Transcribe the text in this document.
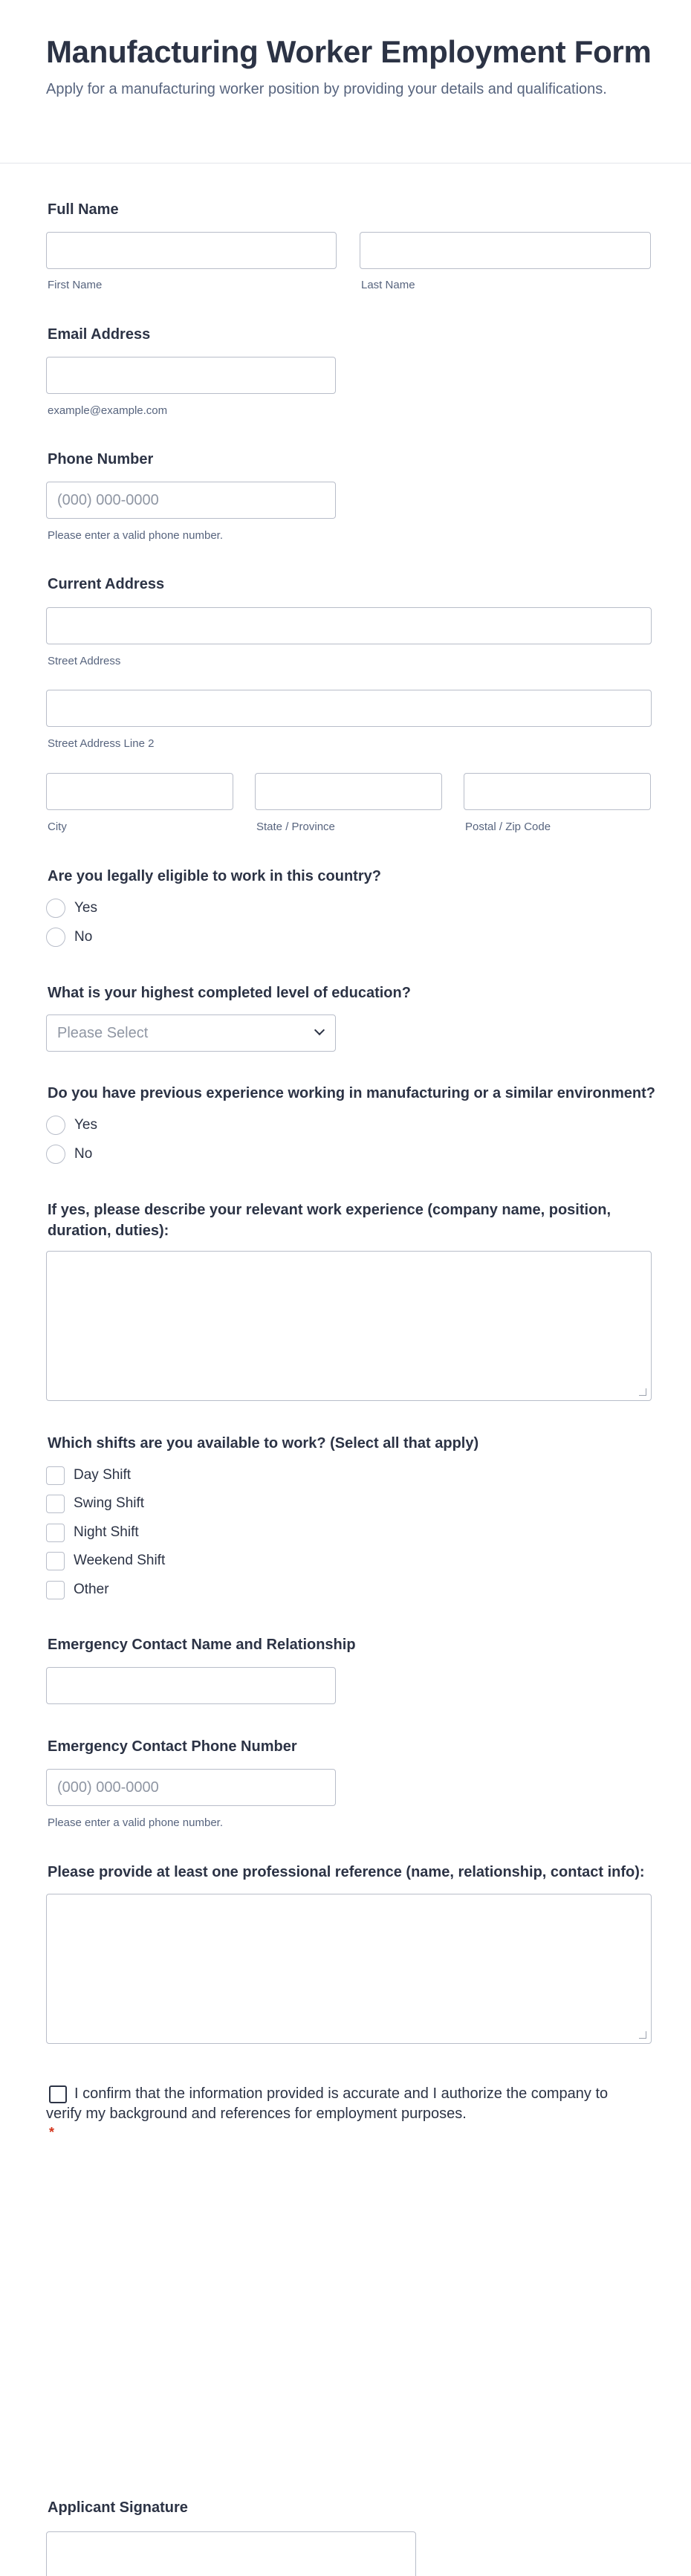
Manufacturing Worker Employment Form

Apply for a manufacturing worker position by providing your details and qualifications.

Full Name
First Name	Last Name
Email Address
example@example.com
Phone Number
(000) 000-0000
Please enter a valid phone number.
Current Address
Street Address
Street Address Line 2
City	State / Province	Postal / Zip Code
Are you legally eligible to work in this country?
Yes
No
What is your highest completed level of education?
Please Select
Do you have previous experience working in manufacturing or a similar environment?
Yes
No
If yes, please describe your relevant work experience (company name, position, duration, duties):
Which shifts are you available to work? (Select all that apply)
Day Shift
Swing Shift
Night Shift
Weekend Shift
Other
Emergency Contact Name and Relationship
Emergency Contact Phone Number
(000) 000-0000
Please enter a valid phone number.
Please provide at least one professional reference (name, relationship, contact info):
I confirm that the information provided is accurate and I authorize the company to verify my background and references for employment purposes.
*
Applicant Signature
